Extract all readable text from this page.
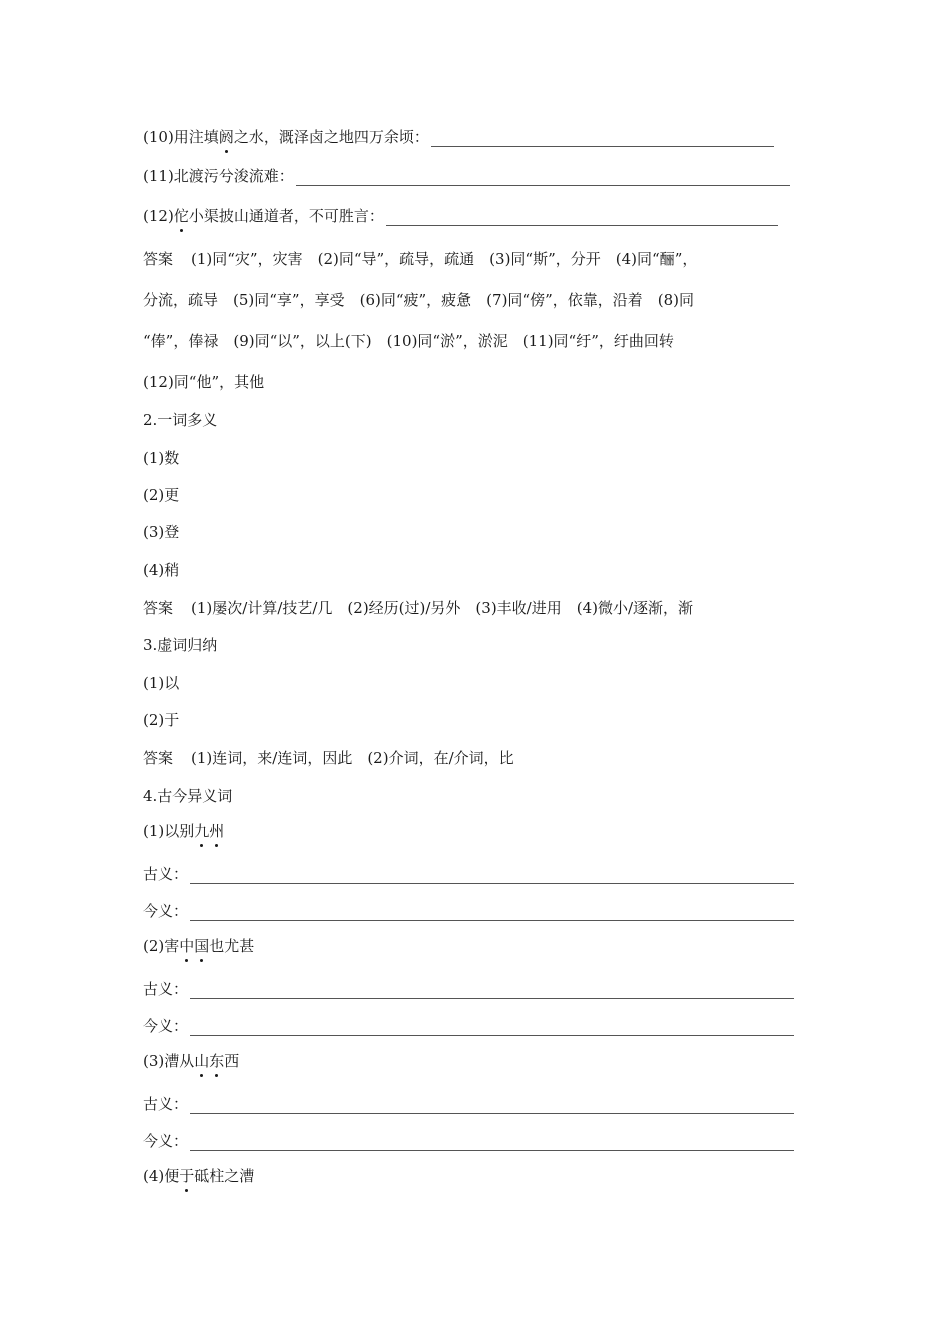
(10)用注填阏之水，溉泽卤之地四万余顷：
(11)北渡污兮浚流难：
(12)佗小渠披山通道者，不可胜言：
答案 (1)同“灾”，灾害　(2)同“导”，疏导，疏通　(3)同“斯”，分开　(4)同“酾”，
分流，疏导　(5)同“享”，享受　(6)同“疲”，疲惫　(7)同“傍”，依靠，沿着　(8)同
“俸”，俸禄　(9)同“以”，以上(下)　(10)同“淤”，淤泥　(11)同“纡”，纡曲回转
(12)同“他”，其他
2.一词多义
(1)数
(2)更
(3)登
(4)稍
答案 (1)屡次/计算/技艺/几　(2)经历(过)/另外　(3)丰收/进用　(4)微小/逐渐，渐
3.虚词归纳
(1)以
(2)于
答案 (1)连词，来/连词，因此　(2)介词，在/介词，比
4.古今异义词
(1)以别九州
古义：
今义：
(2)害中国也尤甚
古义：
今义：
(3)漕从山东西
古义：
今义：
(4)便于砥柱之漕
